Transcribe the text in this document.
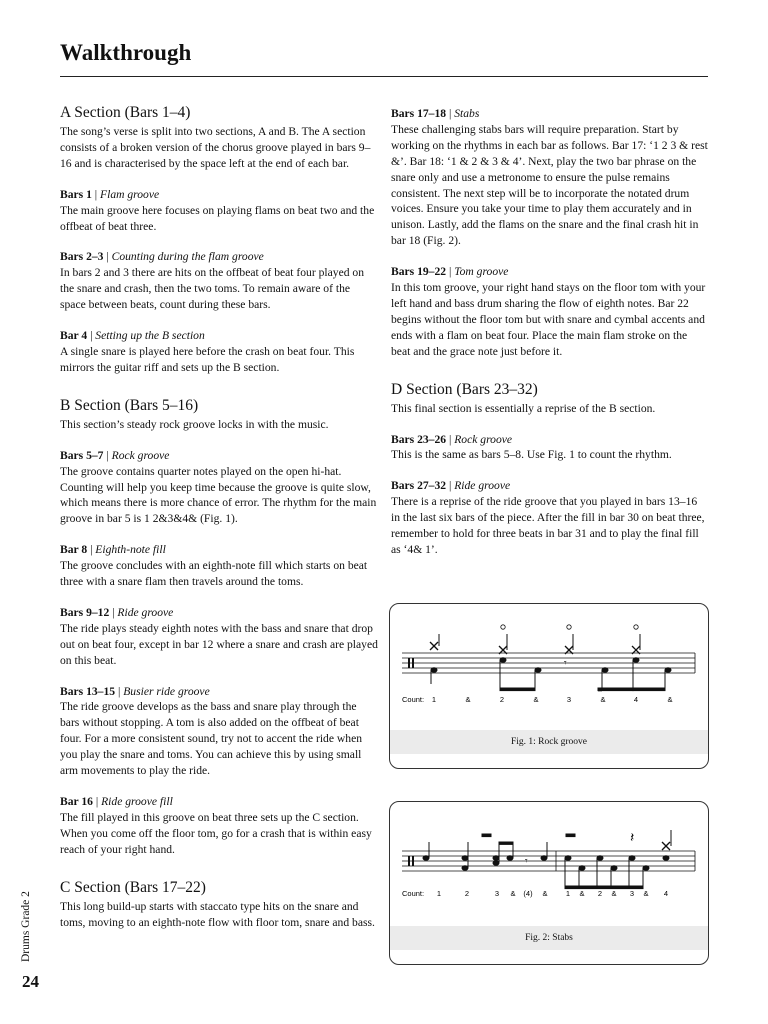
Walkthrough
A Section (Bars 1–4)
The song’s verse is split into two sections, A and B. The A section consists of a broken version of the chorus groove played in bars 9–16 and is characterised by the space left at the end of each bar.
Bars 1 | Flam groove
The main groove here focuses on playing flams on beat two and the offbeat of beat three.
Bars 2–3 | Counting during the flam groove
In bars 2 and 3 there are hits on the offbeat of beat four played on the snare and crash, then the two toms. To remain aware of the space between beats, count during these bars.
Bar 4 | Setting up the B section
A single snare is played here before the crash on beat four. This mirrors the guitar riff and sets up the B section.
B Section (Bars 5–16)
This section’s steady rock groove locks in with the music.
Bars 5–7 | Rock groove
The groove contains quarter notes played on the open hi-hat. Counting will help you keep time because the groove is quite slow, which means there is more chance of error. The rhythm for the main groove in bar 5 is 1 2&3&4& (Fig. 1).
Bar 8 | Eighth-note fill
The groove concludes with an eighth-note fill which starts on beat three with a snare flam then travels around the toms.
Bars 9–12 | Ride groove
The ride plays steady eighth notes with the bass and snare that drop out on beat four, except in bar 12 where a snare and crash are played on this beat.
Bars 13–15 | Busier ride groove
The ride groove develops as the bass and snare play through the bars without stopping. A tom is also added on the offbeat of beat four. For a more consistent sound, try not to accent the ride when you play the snare and toms. You can achieve this by using small arm movements to play the ride.
Bar 16 | Ride groove fill
The fill played in this groove on beat three sets up the C section. When you come off the floor tom, go for a crash that is within easy reach of your right hand.
C Section (Bars 17–22)
This long build-up starts with staccato type hits on the snare and toms, moving to an eighth-note flow with floor tom, snare and bass.
Bars 17–18 | Stabs
These challenging stabs bars will require preparation. Start by working on the rhythms in each bar as follows. Bar 17: ‘1 2 3 & rest &’. Bar 18: ‘1 & 2 & 3 & 4’. Next, play the two bar phrase on the snare only and use a metronome to ensure the pulse remains consistent. The next step will be to incorporate the notated drum voices. Ensure you take your time to play them accurately and in unison. Lastly, add the flams on the snare and the final crash hit in bar 18 (Fig. 2).
Bars 19–22 | Tom groove
In this tom groove, your right hand stays on the floor tom with your left hand and bass drum sharing the flow of eighth notes. Bar 22 begins without the floor tom but with snare and cymbal accents and ends with a flam on beat four. Place the main flam stroke on the beat and the grace note just before it.
D Section (Bars 23–32)
This final section is essentially a reprise of the B section.
Bars 23–26 | Rock groove
This is the same as bars 5–8. Use Fig. 1 to count the rhythm.
Bars 27–32 | Ride groove
There is a reprise of the ride groove that you played in bars 13–16 in the last six bars of the piece. After the fill in bar 30 on beat three, remember to hold for three beats in bar 31 and to play the final fill as ‘4& 1’.
𝄾
Count: 1	&	2	&	3	&	4	&
Fig. 1: Rock groove
𝄾
𝄽
Count: 1	2	3 & (4) & 1 & 2 & 3 & 4
Fig. 2: Stabs
Drums Grade 2
24
